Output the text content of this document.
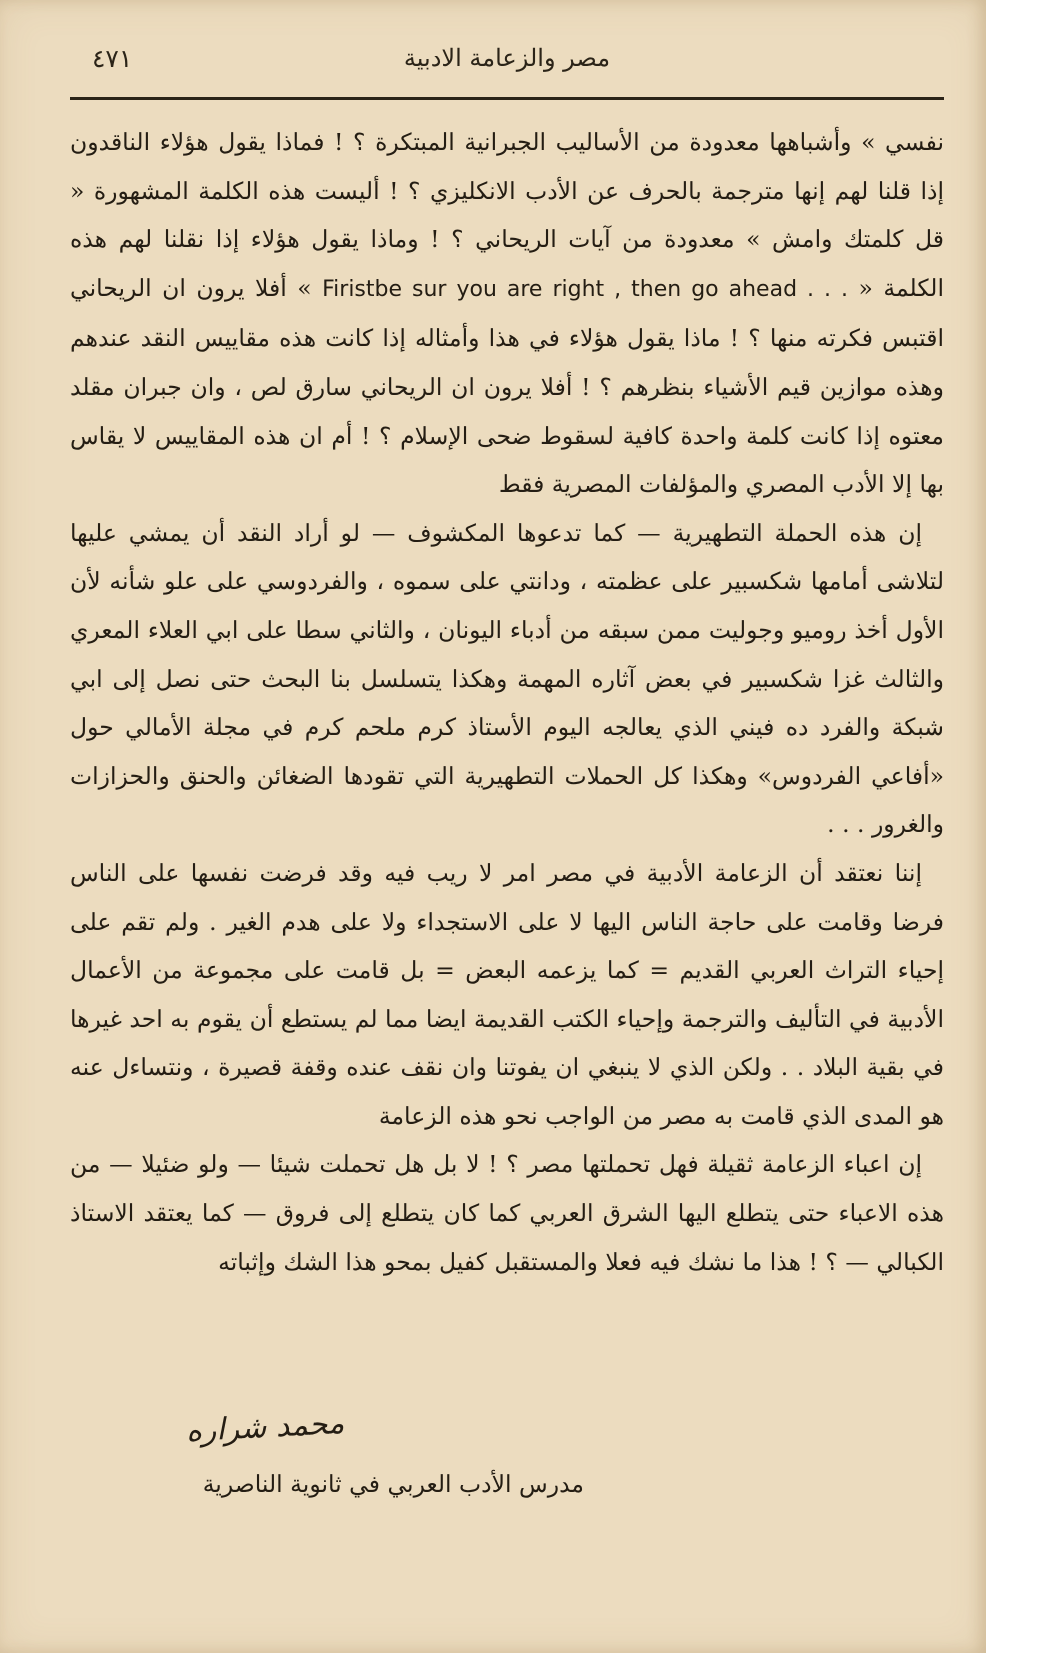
٤٧١	مصر والزعامة الادبية

نفسي » وأشباهها معدودة من الأساليب الجبرانية المبتكرة ؟ ! فماذا يقول هؤلاء الناقدون إذا قلنا لهم إنها مترجمة بالحرف عن الأدب الانكليزي ؟ ! أليست هذه الكلمة المشهورة « قل كلمتك وامش » معدودة من آيات الريحاني ؟ ! وماذا يقول هؤلاء إذا نقلنا لهم هذه الكلمة « Firistbe sur you are right , then go ahead . . . » أفلا يرون ان الريحاني اقتبس فكرته منها ؟ ! ماذا يقول هؤلاء في هذا وأمثاله إذا كانت هذه مقاييس النقد عندهم وهذه موازين قيم الأشياء بنظرهم ؟ ! أفلا يرون ان الريحاني سارق لص ، وان جبران مقلد معتوه إذا كانت كلمة واحدة كافية لسقوط ضحى الإسلام ؟ ! أم ان هذه المقاييس لا يقاس بها إلا الأدب المصري والمؤلفات المصرية فقط

إن هذه الحملة التطهيرية — كما تدعوها المكشوف — لو أراد النقد أن يمشي عليها لتلاشى أمامها شكسبير على عظمته ، ودانتي على سموه ، والفردوسي على علو شأنه لأن الأول أخذ روميو وجوليت ممن سبقه من أدباء اليونان ، والثاني سطا على ابي العلاء المعري والثالث غزا شكسبير في بعض آثاره المهمة وهكذا يتسلسل بنا البحث حتى نصل إلى ابي شبكة والفرد ده فيني الذي يعالجه اليوم الأستاذ كرم ملحم كرم في مجلة الأمالي حول «أفاعي الفردوس» وهكذا كل الحملات التطهيرية التي تقودها الضغائن والحنق والحزازات والغرور . . .

إننا نعتقد أن الزعامة الأدبية في مصر امر لا ريب فيه وقد فرضت نفسها على الناس فرضا وقامت على حاجة الناس اليها لا على الاستجداء ولا على هدم الغير . ولم تقم على إحياء التراث العربي القديم = كما يزعمه البعض = بل قامت على مجموعة من الأعمال الأدبية في التأليف والترجمة وإحياء الكتب القديمة ايضا مما لم يستطع أن يقوم به احد غيرها في بقية البلاد . . ولكن الذي لا ينبغي ان يفوتنا وان نقف عنده وقفة قصيرة ، ونتساءل عنه هو المدى الذي قامت به مصر من الواجب نحو هذه الزعامة

إن اعباء الزعامة ثقيلة فهل تحملتها مصر ؟ ! لا بل هل تحملت شيئا — ولو ضئيلا — من هذه الاعباء حتى يتطلع اليها الشرق العربي كما كان يتطلع إلى فروق — كما يعتقد الاستاذ الكبالي — ؟ ! هذا ما نشك فيه فعلا والمستقبل كفيل بمحو هذا الشك وإثباته

محمد شراره
مدرس الأدب العربي في ثانوية الناصرية
